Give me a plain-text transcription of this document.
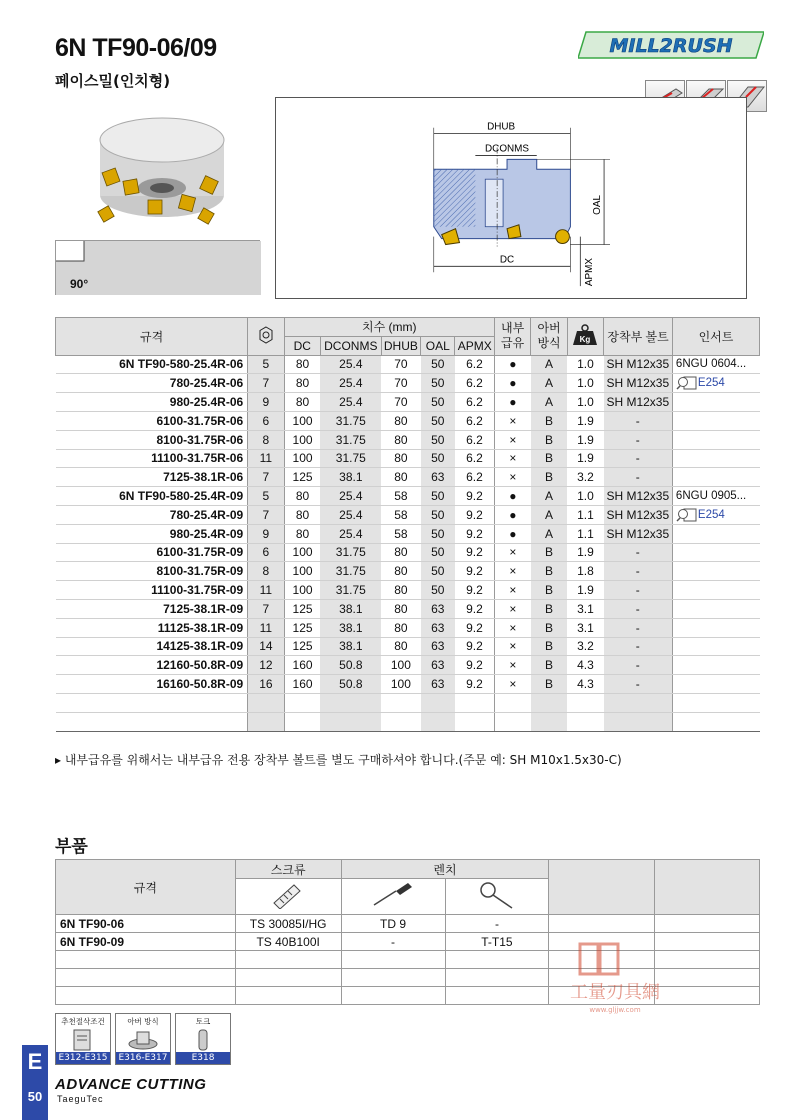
6N TF90-06/09
페이스밀(인치형)
MILL2RUSH
90°
DHUB
DCONMS
DC
OAL
APMX
규격		치수 (mm)					내부 급유	아버 방식	Kg	장착부 볼트	인서트
		DC	DCONMS	DHUB	OAL	APMX					
6N TF90-580-25.4R-06	5	80	25.4	70	50	6.2	●	A	1.0	SH M12x35	6NGU 0604...
780-25.4R-06	7	80	25.4	70	50	6.2	●	A	1.0	SH M12x35	E254
980-25.4R-06	9	80	25.4	70	50	6.2	●	A	1.0	SH M12x35	
6100-31.75R-06	6	100	31.75	80	50	6.2	×	B	1.9	-	
8100-31.75R-06	8	100	31.75	80	50	6.2	×	B	1.9	-	
11100-31.75R-06	11	100	31.75	80	50	6.2	×	B	1.9	-	
7125-38.1R-06	7	125	38.1	80	63	6.2	×	B	3.2	-	
6N TF90-580-25.4R-09	5	80	25.4	58	50	9.2	●	A	1.0	SH M12x35	6NGU 0905...
780-25.4R-09	7	80	25.4	58	50	9.2	●	A	1.1	SH M12x35	E254
980-25.4R-09	9	80	25.4	58	50	9.2	●	A	1.1	SH M12x35	
6100-31.75R-09	6	100	31.75	80	50	9.2	×	B	1.9	-	
8100-31.75R-09	8	100	31.75	80	50	9.2	×	B	1.8	-	
11100-31.75R-09	11	100	31.75	80	50	9.2	×	B	1.9	-	
7125-38.1R-09	7	125	38.1	80	63	9.2	×	B	3.1	-	
11125-38.1R-09	11	125	38.1	80	63	9.2	×	B	3.1	-	
14125-38.1R-09	14	125	38.1	80	63	9.2	×	B	3.2	-	
12160-50.8R-09	12	160	50.8	100	63	9.2	×	B	4.3	-	
16160-50.8R-09	16	160	50.8	100	63	9.2	×	B	4.3	-	

▸ 내부급유를 위해서는 내부급유 전용 장착부 볼트를 별도 구매하셔야 합니다.(주문 예: SH M10x1.5x30-C)
부품
규격	스크류	렌치			

6N TF90-06	TS 30085I/HG	TD 9	-		
6N TF90-09	TS 40B100I	-	T-T15		

工量刃具網
www.gljjw.com
추천절삭조건
E312-E315
아버 방식
E316-E317
토크
E318
E
50
ADVANCE CUTTING
TaeguTec
